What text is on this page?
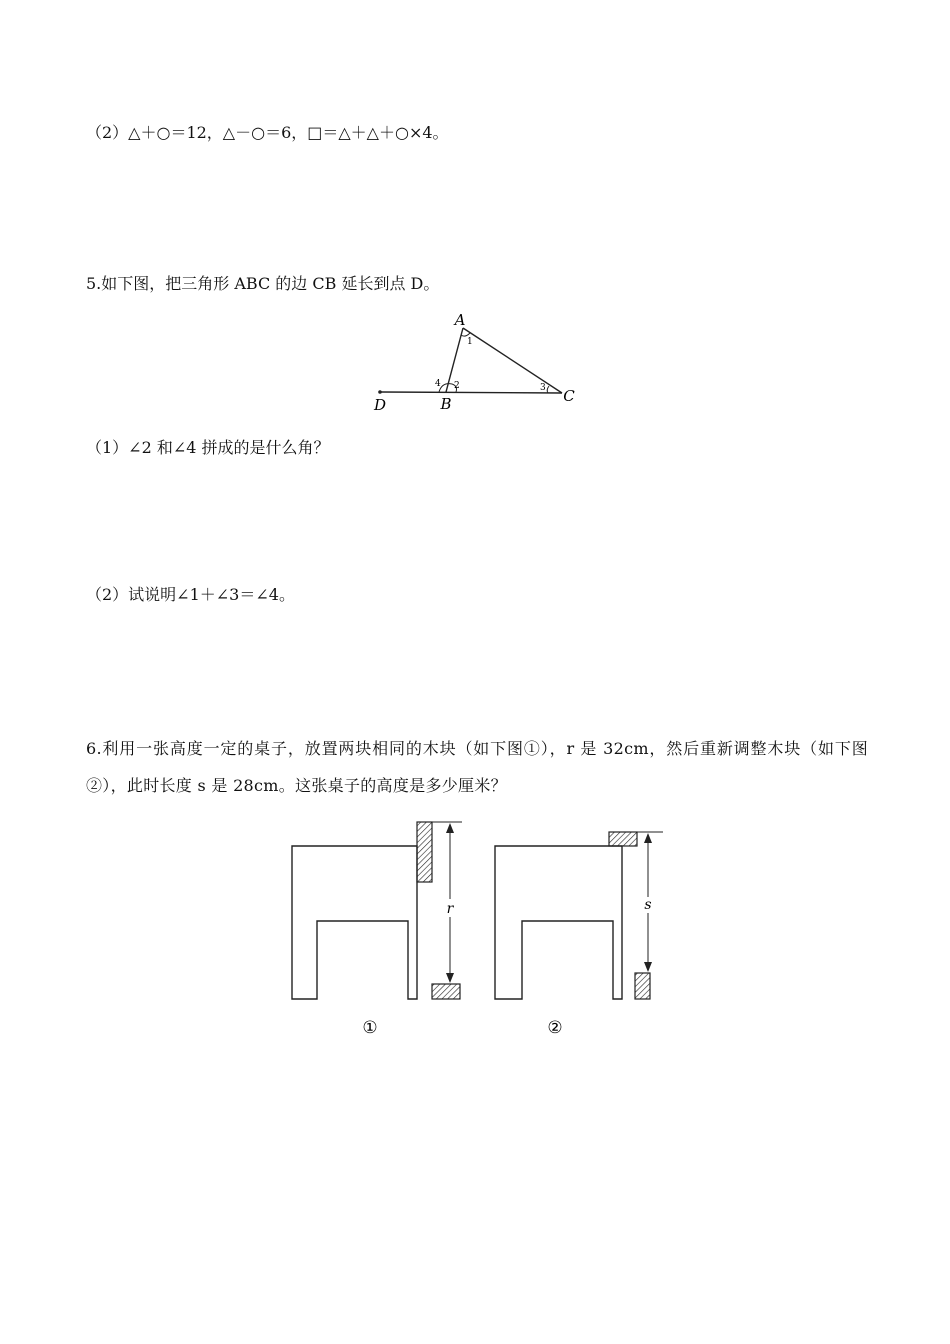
（2）△＋○＝12，△－○＝6，□＝△＋△＋○×4。
5.如下图，把三角形 ABC 的边 CB 延长到点 D。
A
B	C
D
1
2	3
4
（1）∠2 和∠4 拼成的是什么角？
（2）试说明∠1＋∠3＝∠4。
6.利用一张高度一定的桌子，放置两块相同的木块（如下图①），r 是 32cm，然后重新调整木块（如下图②），此时长度 s 是 28cm。这张桌子的高度是多少厘米？
r
①
s
②
